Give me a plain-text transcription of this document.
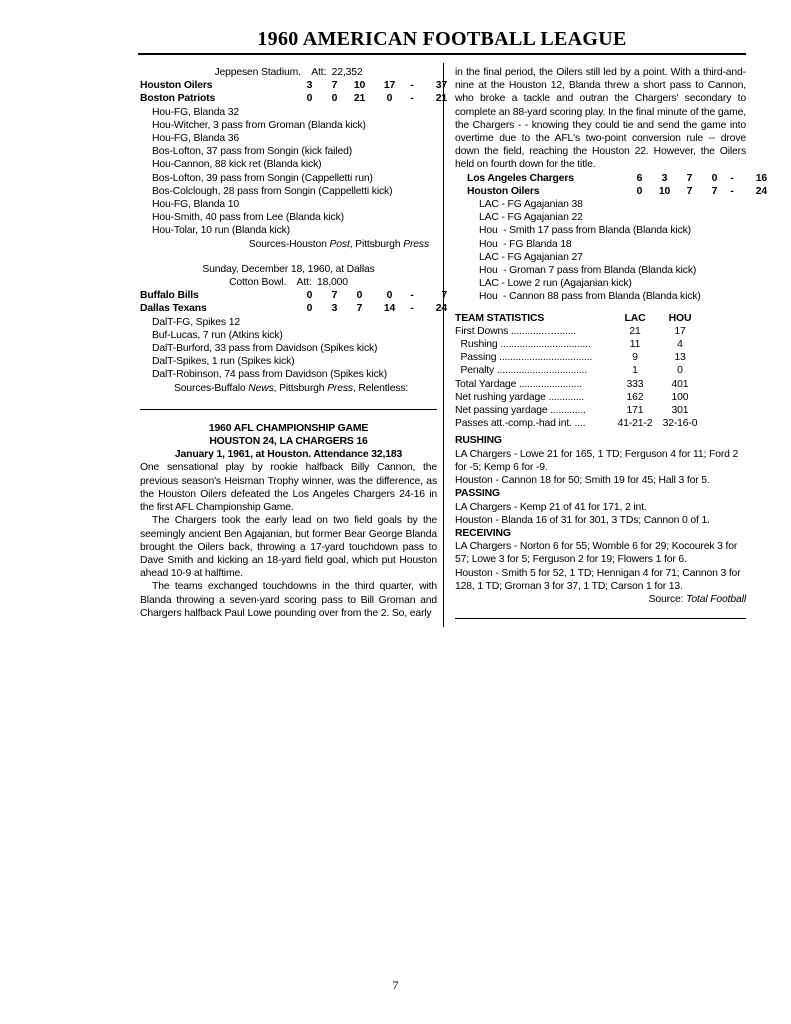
1960 AMERICAN FOOTBALL LEAGUE
Jeppesen Stadium.    Att:  22,352
Houston Oilers	3	7	10	17	-	37
Boston Patriots	0	0	21	0	-	21
Hou-FG, Blanda 32
Hou-Witcher, 3 pass from Groman (Blanda kick)
Hou-FG, Blanda 36
Bos-Lofton, 37 pass from Songin (kick failed)
Hou-Cannon, 88 kick ret (Blanda kick)
Bos-Lofton, 39 pass from Songin (Cappelletti run)
Bos-Colclough, 28 pass from Songin (Cappelletti kick)
Hou-FG, Blanda 10
Hou-Smith, 40 pass from Lee (Blanda kick)
Hou-Tolar, 10 run (Blanda kick)
Sources-Houston Post, Pittsburgh Press
Sunday, December 18, 1960, at Dallas
Cotton Bowl.    Att:  18,000
Buffalo Bills	0	7	0	0	-	7
Dallas Texans	0	3	7	14	-	24
DalT-FG, Spikes 12
Buf-Lucas, 7 run (Atkins kick)
DalT-Burford, 33 pass from Davidson (Spikes kick)
DalT-Spikes, 1 run (Spikes kick)
DalT-Robinson, 74 pass from Davidson (Spikes kick)
Sources-Buffalo News, Pittsburgh Press, Relentless:
1960 AFL CHAMPIONSHIP GAME
HOUSTON 24, LA CHARGERS 16
January 1, 1961, at Houston. Attendance 32,183
One sensational play by rookie halfback Billy Cannon, the previous season's Heisman Trophy winner, was the difference, as the Houston Oilers defeated the Los Angeles Chargers 24-16 in the first AFL Championship Game.
The Chargers took the early lead on two field goals by the seemingly ancient Ben Agajanian, but former Bear George Blanda brought the Oilers back, throwing a 17-yard touchdown pass to Dave Smith and kicking an 18-yard field goal, which put Houston ahead 10-9 at halftime.
The teams exchanged touchdowns in the third quarter, with Blanda throwing a seven-yard scoring pass to Bill Groman and Chargers halfback Paul Lowe pounding over from the 2. So, early
in the final period, the Oilers still led by a point. With a third-and-nine at the Houston 12, Blanda threw a short pass to Cannon, who broke a tackle and outran the Chargers' secondary to complete an 88-yard scoring play. In the final minute of the game, the Chargers - - knowing they could tie and send the game into overtime due to the AFL's two-point conversion rule -- drove down the field, reaching the Houston 22. However, the Oilers held on fourth down for the title.
Los Angeles Chargers	6	3	7	0	-	16
Houston Oilers	0	10	7	7	-	24
LAC - FG Agajanian 38
LAC - FG Agajanian 22
Hou  - Smith 17 pass from Blanda (Blanda kick)
Hou  - FG Blanda 18
LAC - FG Agajanian 27
Hou  - Groman 7 pass from Blanda (Blanda kick)
LAC - Lowe 2 run (Agajanian kick)
Hou  - Cannon 88 pass from Blanda (Blanda kick)
TEAM STATISTICS	LAC	HOU
First Downs ............…........	21	17
Rushing .................................	11	4
Passing ..................................	9	13
Penalty .................................	1	0
Total Yardage .......................	333	401
Net rushing yardage .............	162	100
Net passing yardage .............	171	301
Passes att.-comp.-had int. ....	41-21-2 32-16-0
RUSHING
LA Chargers - Lowe 21 for 165, 1 TD; Ferguson 4 for 11; Ford 2 for -5; Kemp 6 for -9.
Houston - Cannon 18 for 50; Smith 19 for 45; Hall 3 for 5.
PASSING
LA Chargers - Kemp 21 of 41 for 171, 2 int.
Houston - Blanda 16 of 31 for 301, 3 TDs; Cannon 0 of 1.
RECEIVING
LA Chargers - Norton 6 for 55; Womble 6 for 29; Kocourek 3 for 57; Lowe 3 for 5; Ferguson 2 for 19; Flowers 1 for 6.
Houston - Smith 5 for 52, 1 TD; Hennigan 4 for 71; Cannon 3 for 128, 1 TD; Groman 3 for 37, 1 TD; Carson 1 for 13.
Source: Total Football
7
